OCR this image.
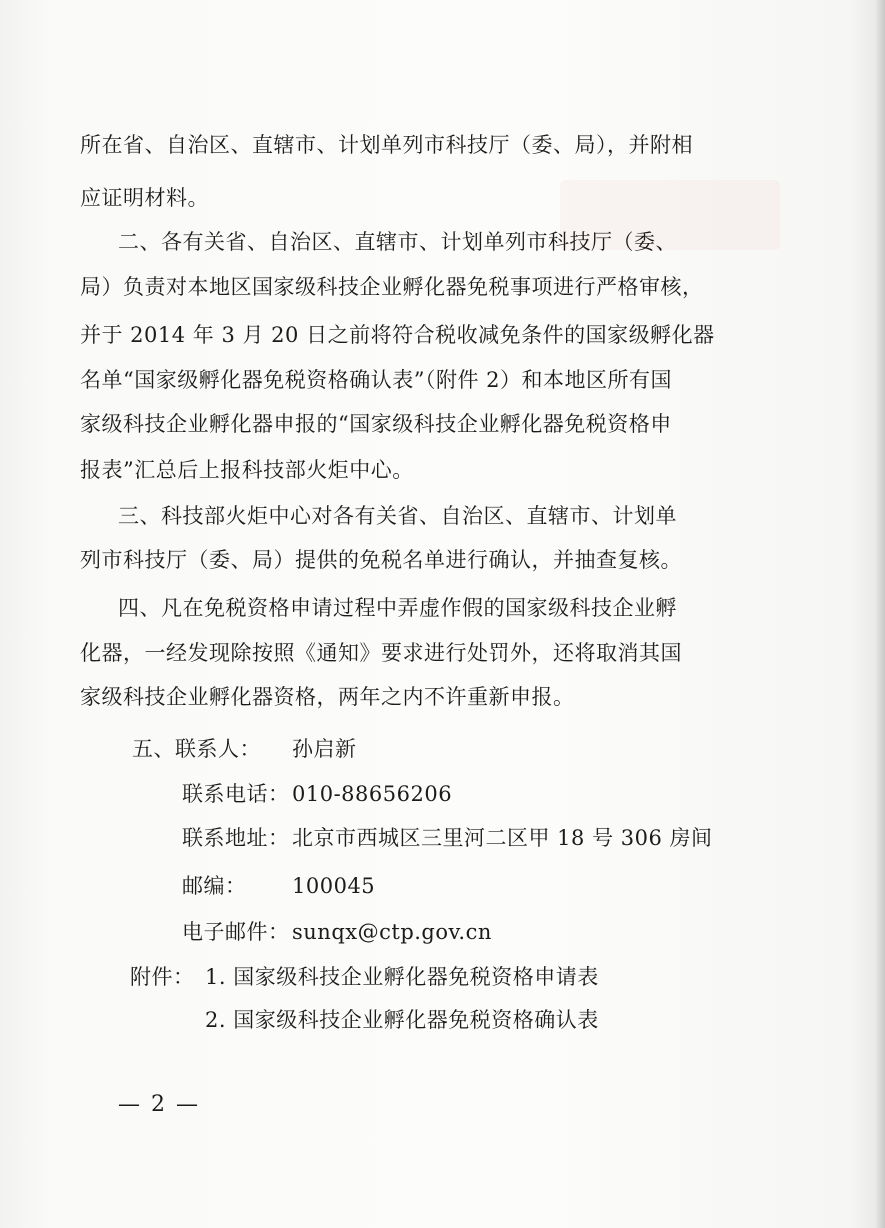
所在省、自治区、直辖市、计划单列市科技厅（委、局），并附相
应证明材料。
二、各有关省、自治区、直辖市、计划单列市科技厅（委、
局）负责对本地区国家级科技企业孵化器免税事项进行严格审核，
并于 2014 年 3 月 20 日之前将符合税收减免条件的国家级孵化器
名单“国家级孵化器免税资格确认表”（附件 2）和本地区所有国
家级科技企业孵化器申报的“国家级科技企业孵化器免税资格申
报表”汇总后上报科技部火炬中心。
三、科技部火炬中心对各有关省、自治区、直辖市、计划单
列市科技厅（委、局）提供的免税名单进行确认，并抽查复核。
四、凡在免税资格申请过程中弄虚作假的国家级科技企业孵
化器，一经发现除按照《通知》要求进行处罚外，还将取消其国
家级科技企业孵化器资格，两年之内不许重新申报。
五、联系人： 孙启新
联系电话： 010-88656206
联系地址： 北京市西城区三里河二区甲 18 号 306 房间
邮编： 100045
电子邮件： sunqx@ctp.gov.cn
附件： 1. 国家级科技企业孵化器免税资格申请表
2. 国家级科技企业孵化器免税资格确认表
— 2 —
